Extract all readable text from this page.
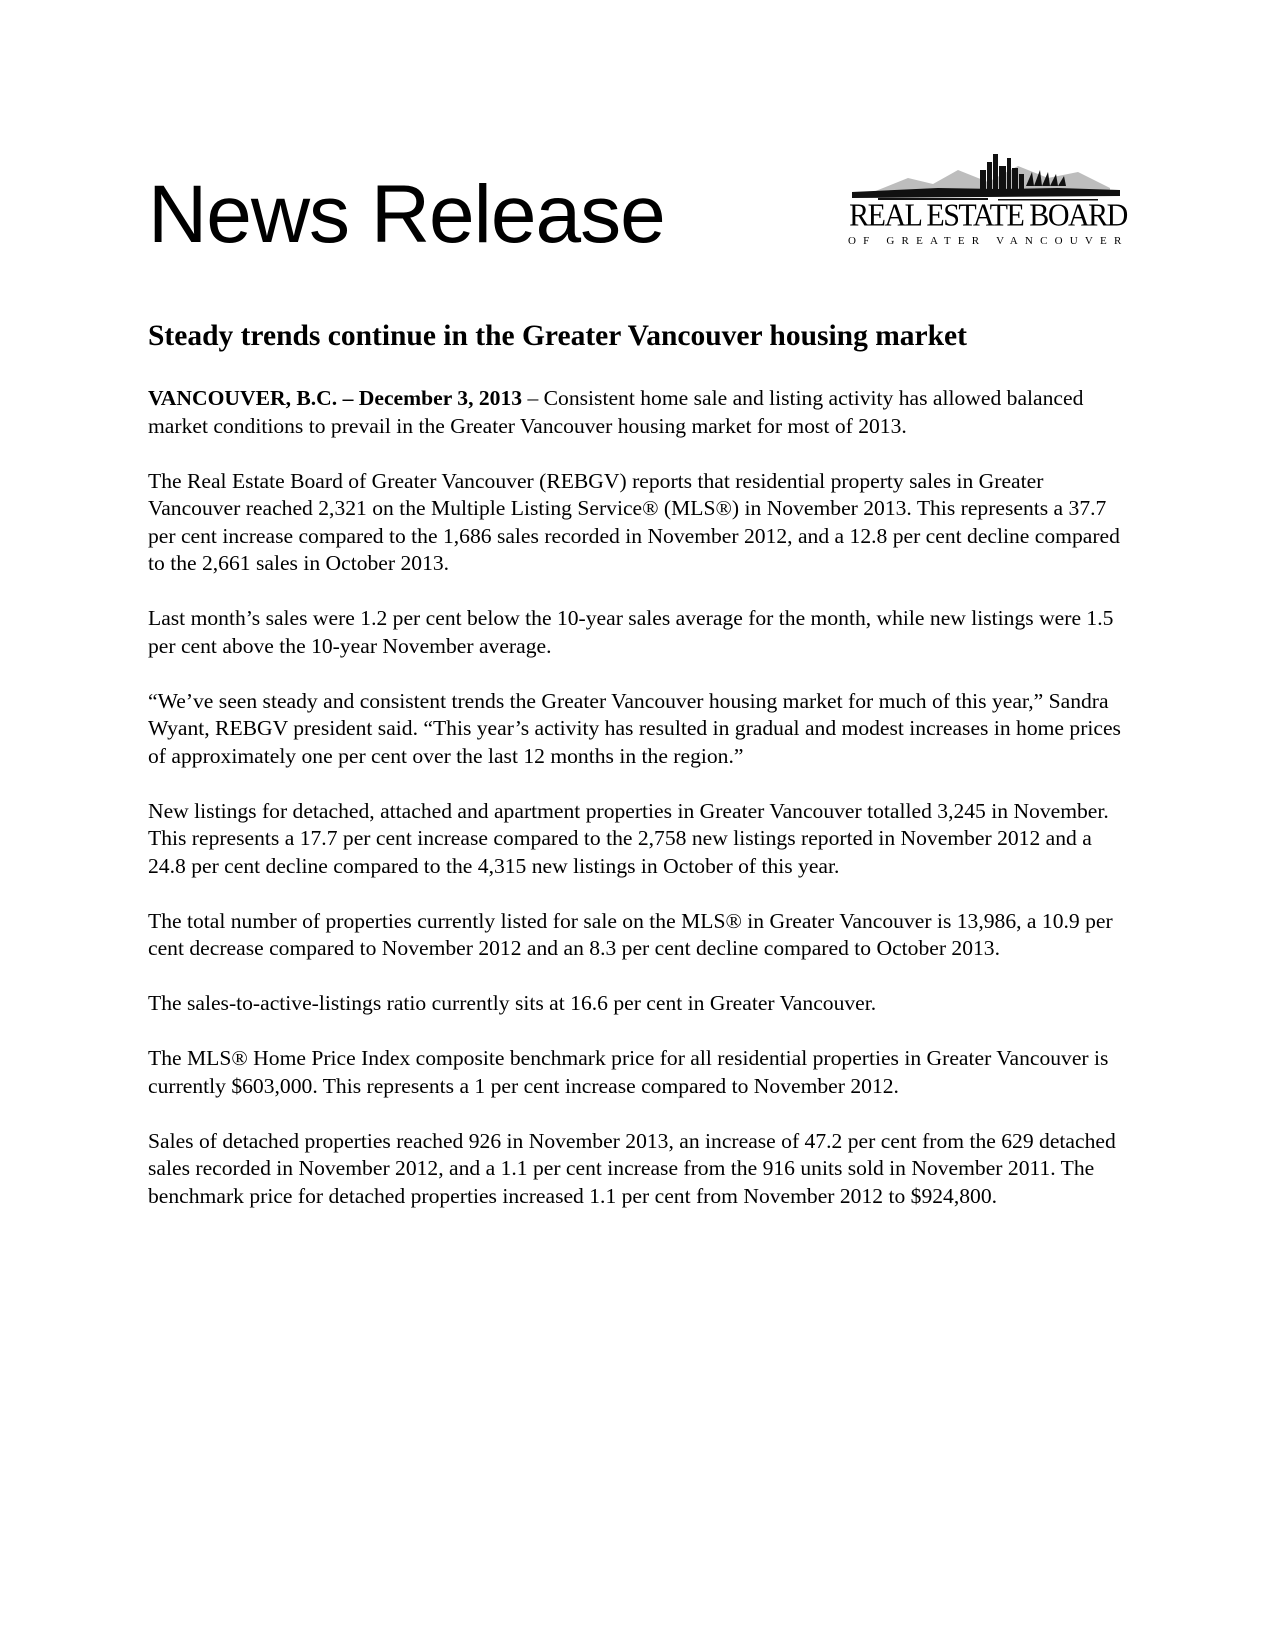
News Release	REAL ESTATE BOARD
OF GREATER VANCOUVER
Steady trends continue in the Greater Vancouver housing market

VANCOUVER, B.C. – December 3, 2013 – Consistent home sale and listing activity has allowed balanced market conditions to prevail in the Greater Vancouver housing market for most of 2013.

The Real Estate Board of Greater Vancouver (REBGV) reports that residential property sales in Greater Vancouver reached 2,321 on the Multiple Listing Service® (MLS®) in November 2013. This represents a 37.7 per cent increase compared to the 1,686 sales recorded in November 2012, and a 12.8 per cent decline compared to the 2,661 sales in October 2013.

Last month’s sales were 1.2 per cent below the 10-year sales average for the month, while new listings were 1.5 per cent above the 10-year November average.

“We’ve seen steady and consistent trends the Greater Vancouver housing market for much of this year,” Sandra Wyant, REBGV president said. “This year’s activity has resulted in gradual and modest increases in home prices of approximately one per cent over the last 12 months in the region.”

New listings for detached, attached and apartment properties in Greater Vancouver totalled 3,245 in November. This represents a 17.7 per cent increase compared to the 2,758 new listings reported in November 2012 and a 24.8 per cent decline compared to the 4,315 new listings in October of this year.

The total number of properties currently listed for sale on the MLS® in Greater Vancouver is 13,986, a 10.9 per cent decrease compared to November 2012 and an 8.3 per cent decline compared to October 2013.

The sales-to-active-listings ratio currently sits at 16.6 per cent in Greater Vancouver.

The MLS® Home Price Index composite benchmark price for all residential properties in Greater Vancouver is currently $603,000. This represents a 1 per cent increase compared to November 2012.

Sales of detached properties reached 926 in November 2013, an increase of 47.2 per cent from the 629 detached sales recorded in November 2012, and a 1.1 per cent increase from the 916 units sold in November 2011. The benchmark price for detached properties increased 1.1 per cent from November 2012 to $924,800.
